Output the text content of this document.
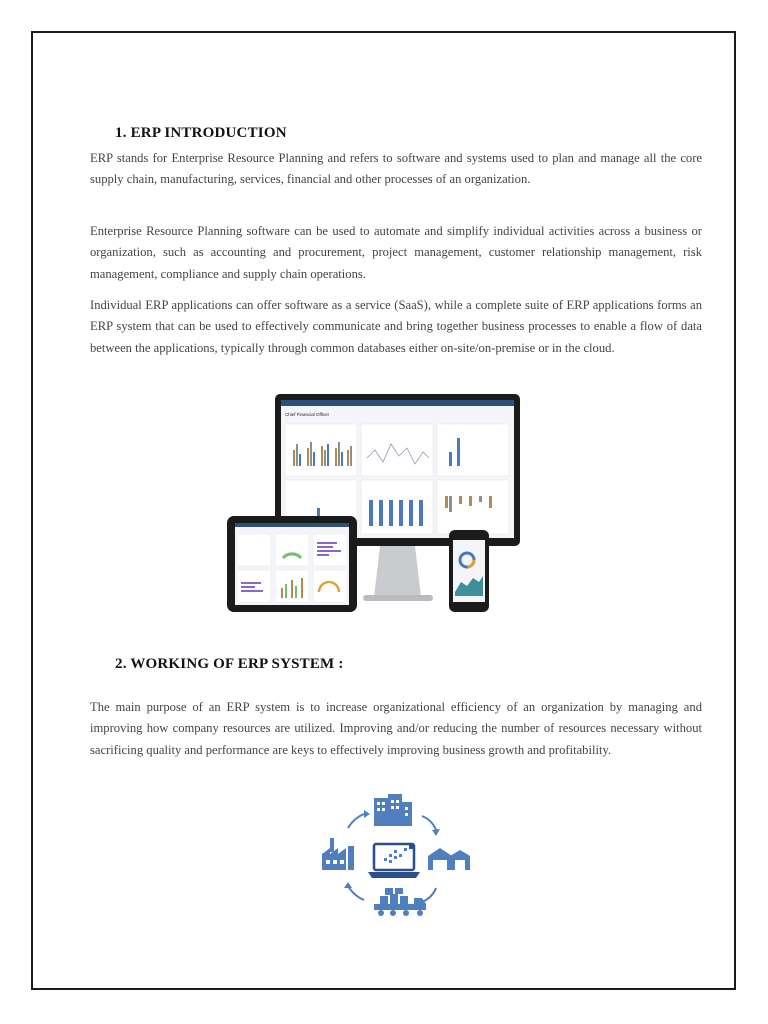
1. ERP INTRODUCTION

ERP stands for Enterprise Resource Planning and refers to software and systems used to plan and manage all the core supply chain, manufacturing, services, financial and other processes of an organization.

Enterprise Resource Planning software can be used to automate and simplify individual activities across a business or organization, such as accounting and procurement, project management, customer relationship management, risk management, compliance and supply chain operations.

Individual ERP applications can offer software as a service (SaaS), while a complete suite of ERP applications forms an ERP system that can be used to effectively communicate and bring together business processes to enable a flow of data between the applications, typically through common databases either on-site/on-premise or in the cloud.

Chief Financial Officer
2. WORKING OF ERP SYSTEM :

The main purpose of an ERP system is to increase organizational efficiency of an organization by managing and improving how company resources are utilized. Improving and/or reducing the number of resources necessary without sacrificing quality and performance are keys to effectively improving business growth and profitability.
